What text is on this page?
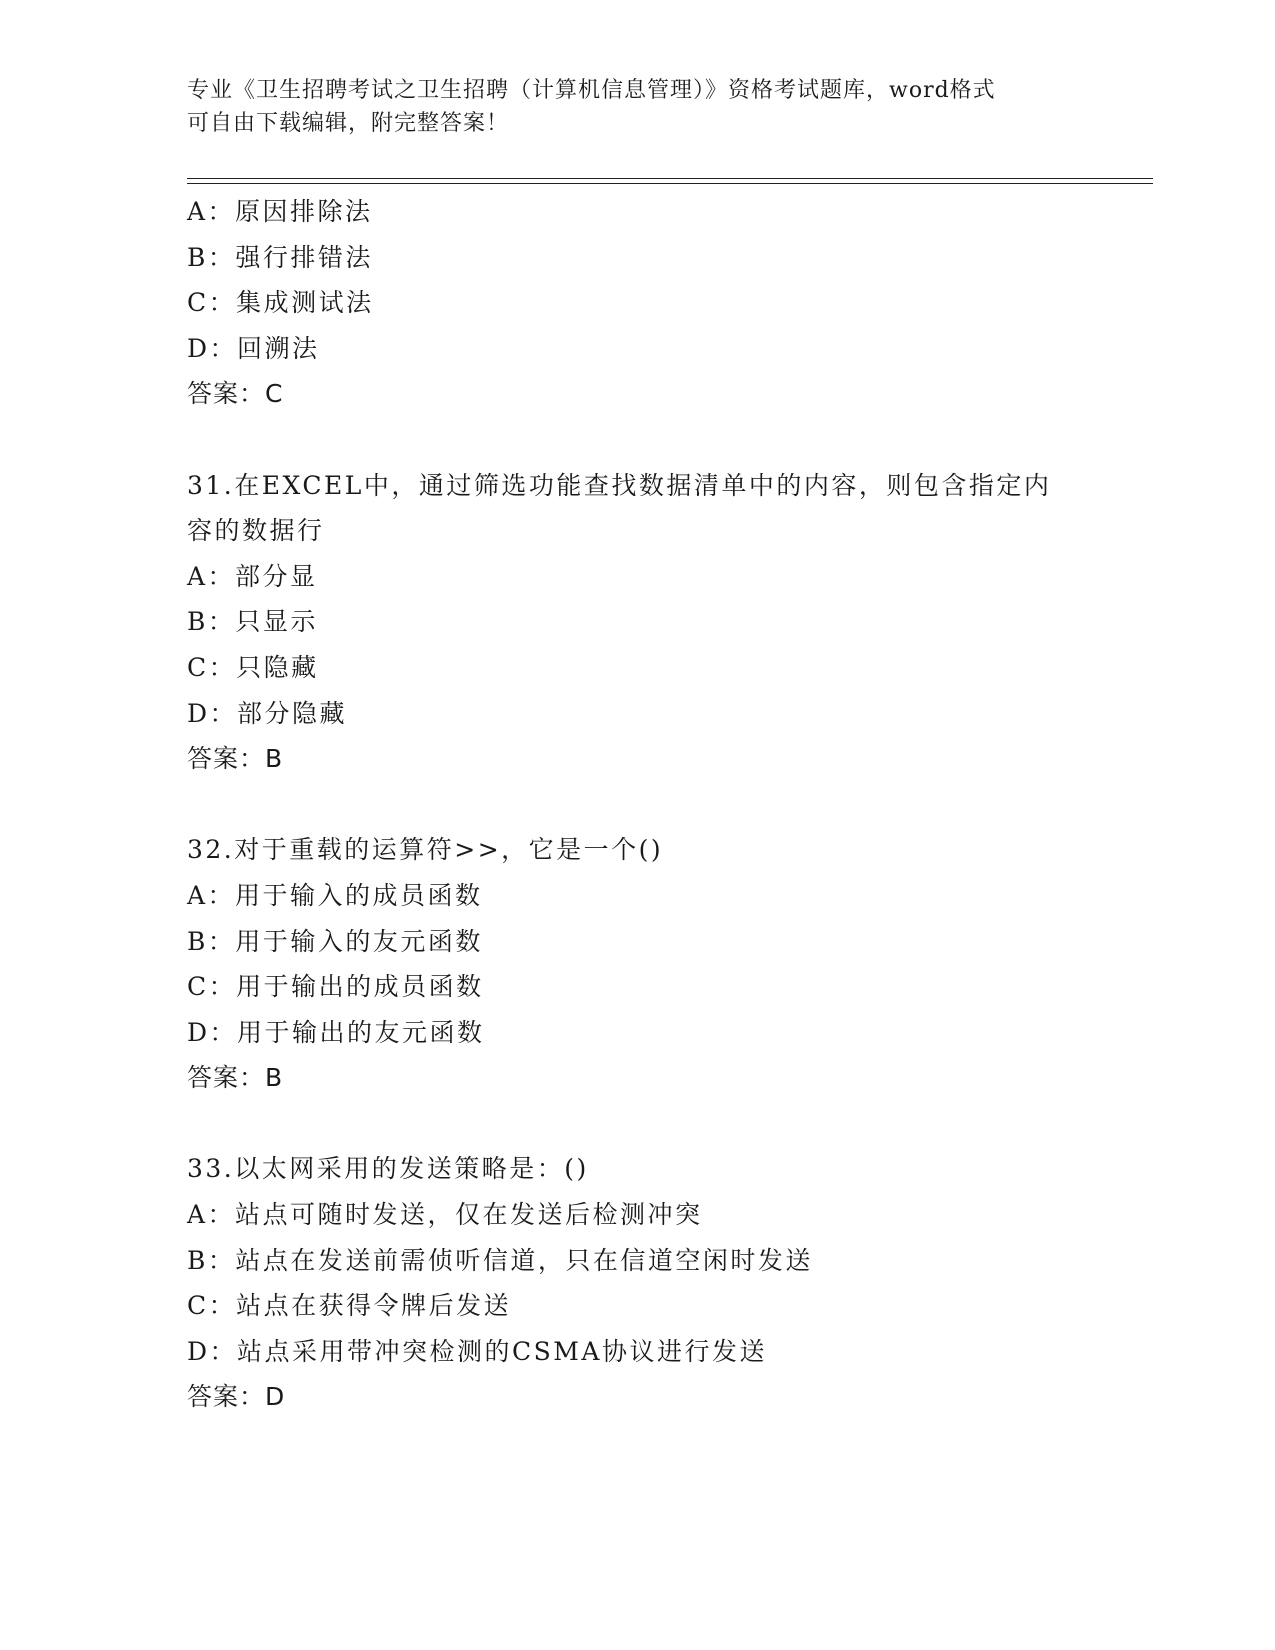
专业《卫生招聘考试之卫生招聘（计算机信息管理）》资格考试题库，word格式
可自由下载编辑，附完整答案！
A：原因排除法
B：强行排错法
C：集成测试法
D：回溯法
答案：C
31.在EXCEL中，通过筛选功能查找数据清单中的内容，则包含指定内
容的数据行
A：部分显
B：只显示
C：只隐藏
D：部分隐藏
答案：B
32.对于重载的运算符>>，它是一个()
A：用于输入的成员函数
B：用于输入的友元函数
C：用于输出的成员函数
D：用于输出的友元函数
答案：B
33.以太网采用的发送策略是：()
A：站点可随时发送，仅在发送后检测冲突
B：站点在发送前需侦听信道，只在信道空闲时发送
C：站点在获得令牌后发送
D：站点采用带冲突检测的CSMA协议进行发送
答案：D
